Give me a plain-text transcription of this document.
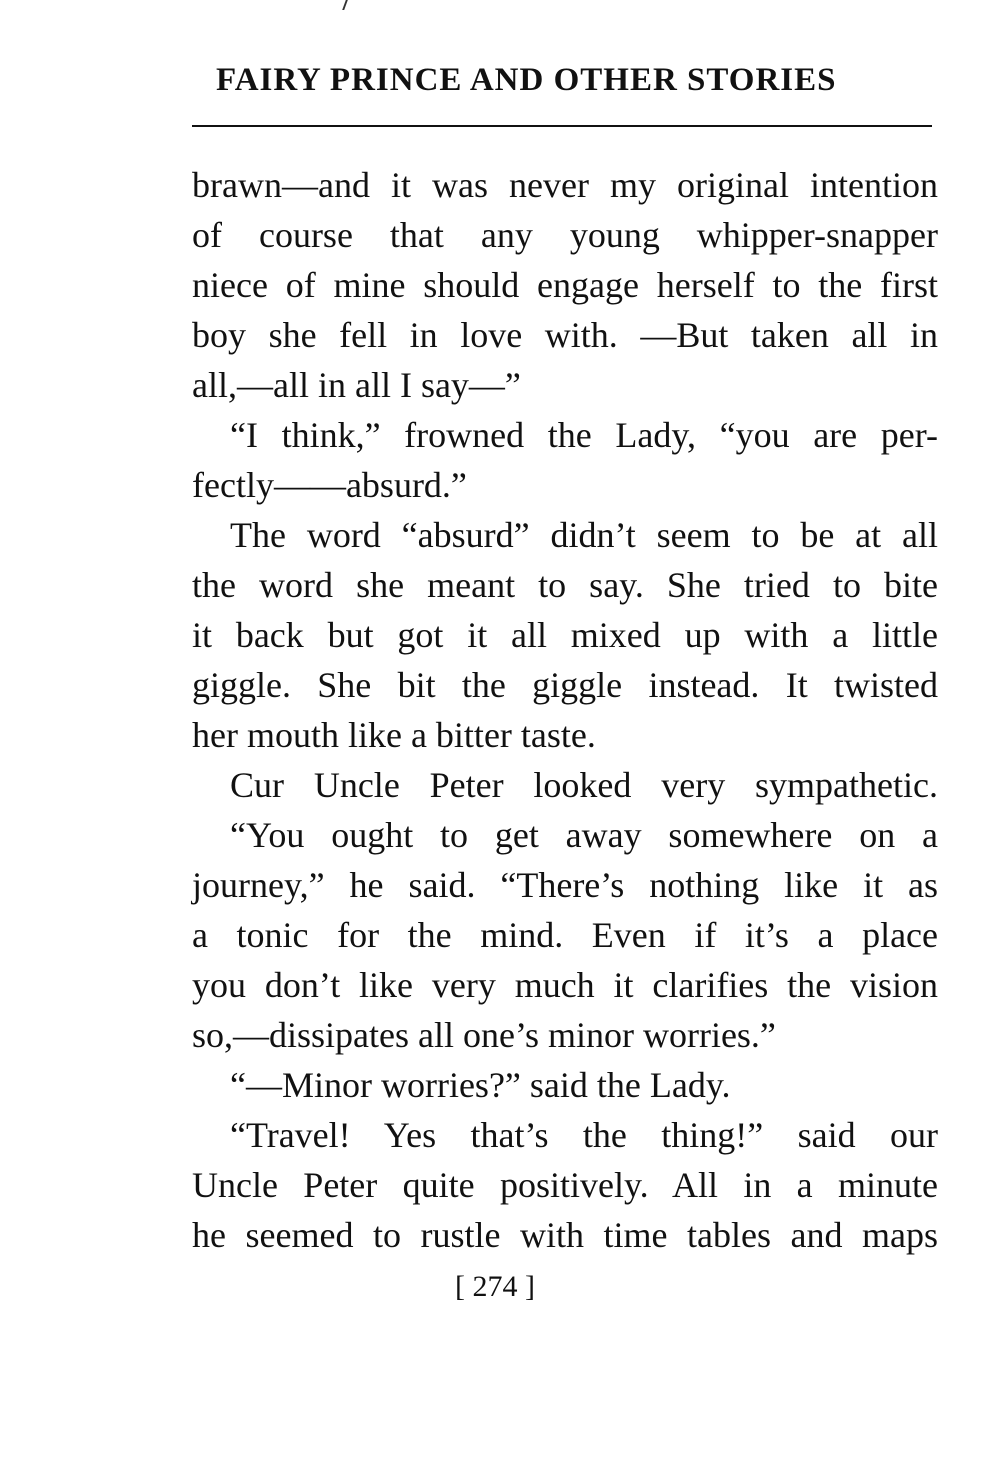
FAIRY PRINCE AND OTHER STORIES
brawn—and it was never my original intention
of course that any young whipper-snapper
niece of mine should engage herself to the first
boy she fell in love with. —But taken all in
all,—all in all I say—”
“I think,” frowned the Lady, “you are per-
fectly——absurd.”
The word “absurd” didn’t seem to be at all
the word she meant to say. She tried to bite
it back but got it all mixed up with a little
giggle. She bit the giggle instead. It twisted
her mouth like a bitter taste.
Cur Uncle Peter looked very sympathetic.
“You ought to get away somewhere on a
journey,” he said. “There’s nothing like it as
a tonic for the mind. Even if it’s a place
you don’t like very much it clarifies the vision
so,—dissipates all one’s minor worries.”
“—Minor worries?” said the Lady.
“Travel! Yes that’s the thing!” said our
Uncle Peter quite positively. All in a minute
he seemed to rustle with time tables and maps
[ 274 ]
